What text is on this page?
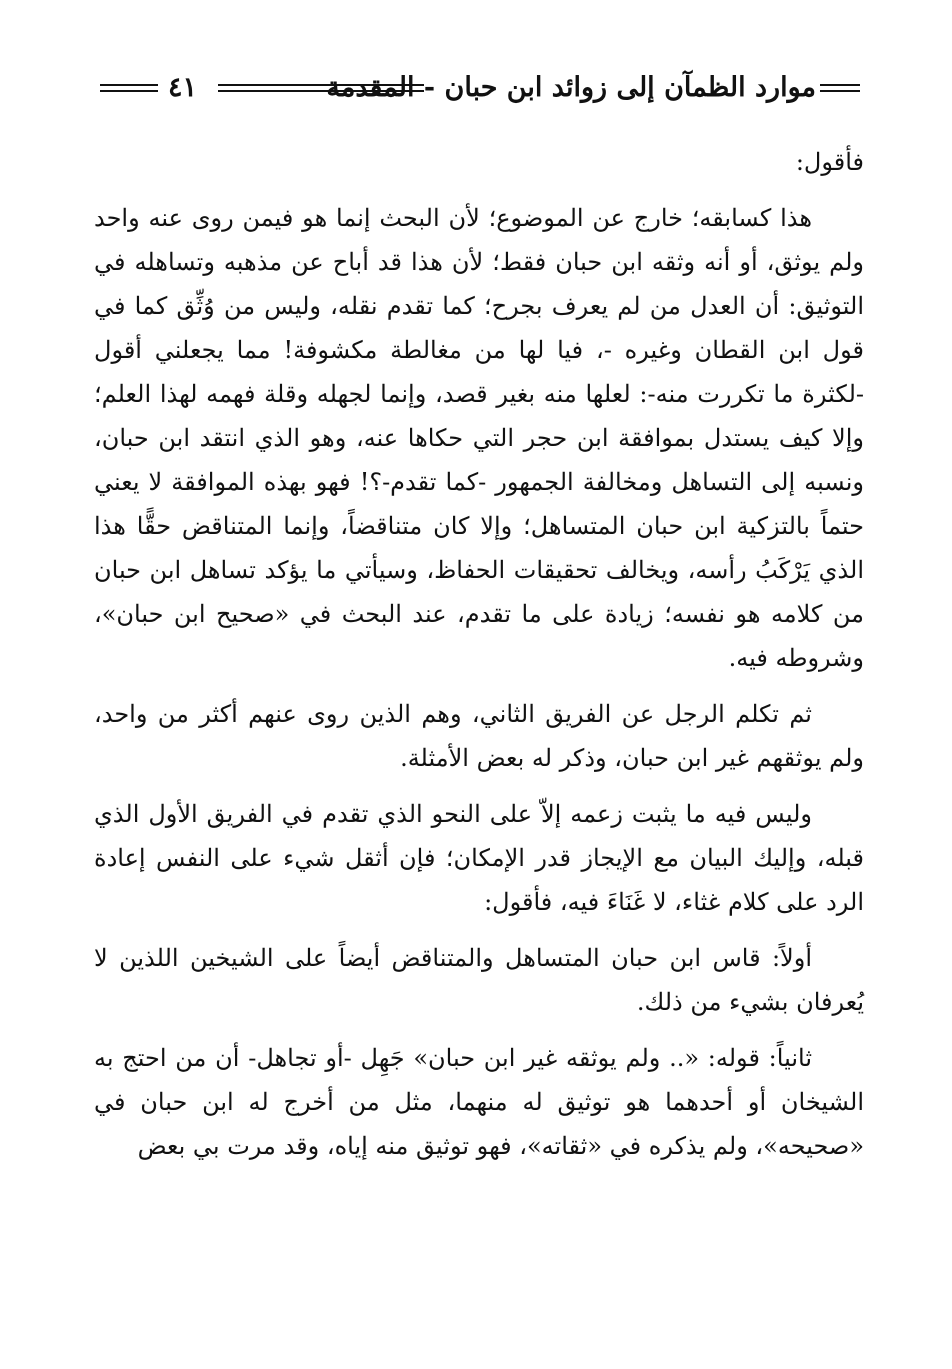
٤١	موارد الظمآن إلى زوائد ابن حبان - المقدمة

فأقول:

هذا كسابقه؛ خارج عن الموضوع؛ لأن البحث إنما هو فيمن روى عنه واحد ولم يوثق، أو أنه وثقه ابن حبان فقط؛ لأن هذا قد أباح عن مذهبه وتساهله في التوثيق: أن العدل من لم يعرف بجرح؛ كما تقدم نقله، وليس من وُثِّق كما في قول ابن القطان وغيره -، فيا لها من مغالطة مكشوفة! مما يجعلني أقول -لكثرة ما تكررت منه-: لعلها منه بغير قصد، وإنما لجهله وقلة فهمه لهذا العلم؛ وإلا كيف يستدل بموافقة ابن حجر التي حكاها عنه، وهو الذي انتقد ابن حبان، ونسبه إلى التساهل ومخالفة الجمهور -كما تقدم-؟! فهو بهذه الموافقة لا يعني حتماً بالتزكية ابن حبان المتساهل؛ وإلا كان متناقضاً، وإنما المتناقض حقًّا هذا الذي يَرْكَبُ رأسه، ويخالف تحقيقات الحفاظ، وسيأتي ما يؤكد تساهل ابن حبان من كلامه هو نفسه؛ زيادة على ما تقدم، عند البحث في «صحيح ابن حبان»، وشروطه فيه.

ثم تكلم الرجل عن الفريق الثاني، وهم الذين روى عنهم أكثر من واحد، ولم يوثقهم غير ابن حبان، وذكر له بعض الأمثلة.

وليس فيه ما يثبت زعمه إلاّ على النحو الذي تقدم في الفريق الأول الذي قبله، وإليك البيان مع الإيجاز قدر الإمكان؛ فإن أثقل شيء على النفس إعادة الرد على كلام غثاء، لا غَنَاءَ فيه، فأقول:

أولاً: قاس ابن حبان المتساهل والمتناقض أيضاً على الشيخين اللذين لا يُعرفان بشيء من ذلك.

ثانياً: قوله: «.. ولم يوثقه غير ابن حبان» جَهِل -أو تجاهل- أن من احتج به الشيخان أو أحدهما هو توثيق له منهما، مثل من أخرج له ابن حبان في «صحيحه»، ولم يذكره في «ثقاته»، فهو توثيق منه إياه، وقد مرت بي بعض
